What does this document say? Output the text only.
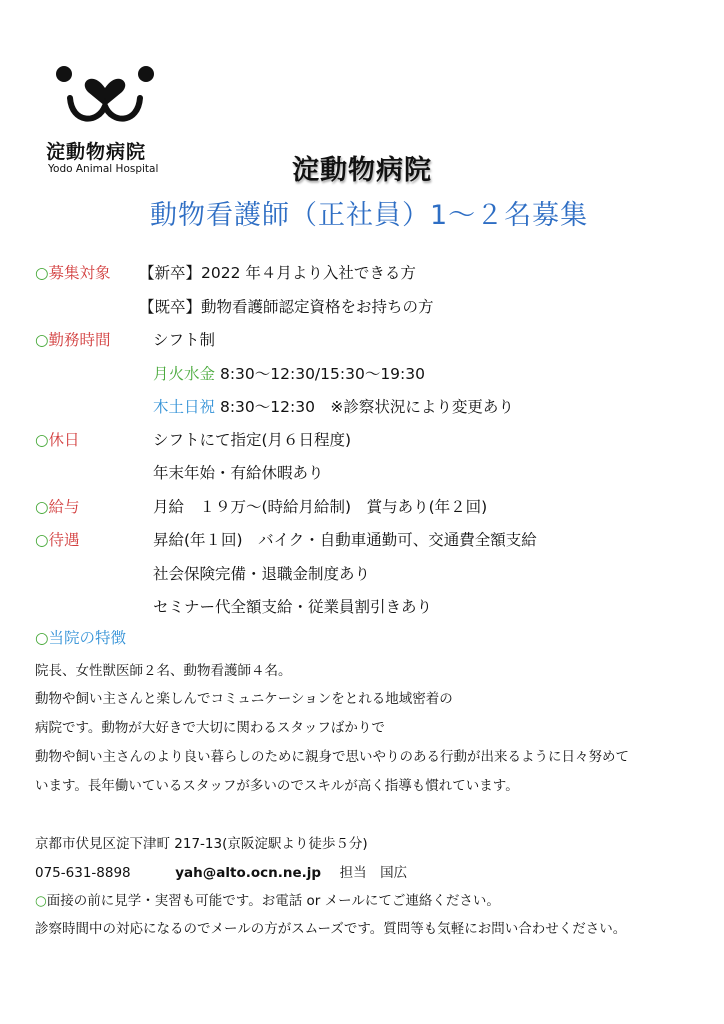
淀動物病院
Yodo Animal Hospital	淀動物病院
動物看護師（正社員）1～２名募集
○募集対象 【新卒】2022 年４月より入社できる方
【既卒】動物看護師認定資格をお持ちの方
○勤務時間	シフト制
月火水金 8:30～12:30/15:30～19:30
木土日祝 8:30～12:30　※診察状況により変更あり
○休日	シフトにて指定(月６日程度)
年末年始・有給休暇あり
○給与	月給　１９万～(時給月給制)　賞与あり(年２回)
○待遇	昇給(年１回)　バイク・自動車通勤可、交通費全額支給
社会保険完備・退職金制度あり
セミナー代全額支給・従業員割引きあり
○当院の特徴
院長、女性獣医師２名、動物看護師４名。
動物や飼い主さんと楽しんでコミュニケーションをとれる地域密着の
病院です。動物が大好きで大切に関わるスタッフばかりで
動物や飼い主さんのより良い暮らしのために親身で思いやりのある行動が出来るように日々努めて
います。長年働いているスタッフが多いのでスキルが高く指導も慣れています。
京都市伏見区淀下津町 217-13(京阪淀駅より徒歩５分)
075-631-8898	yah@alto.ocn.ne.jp 担当　国広
○面接の前に見学・実習も可能です。お電話 or メールにてご連絡ください。
診察時間中の対応になるのでメールの方がスムーズです。質問等も気軽にお問い合わせください。
